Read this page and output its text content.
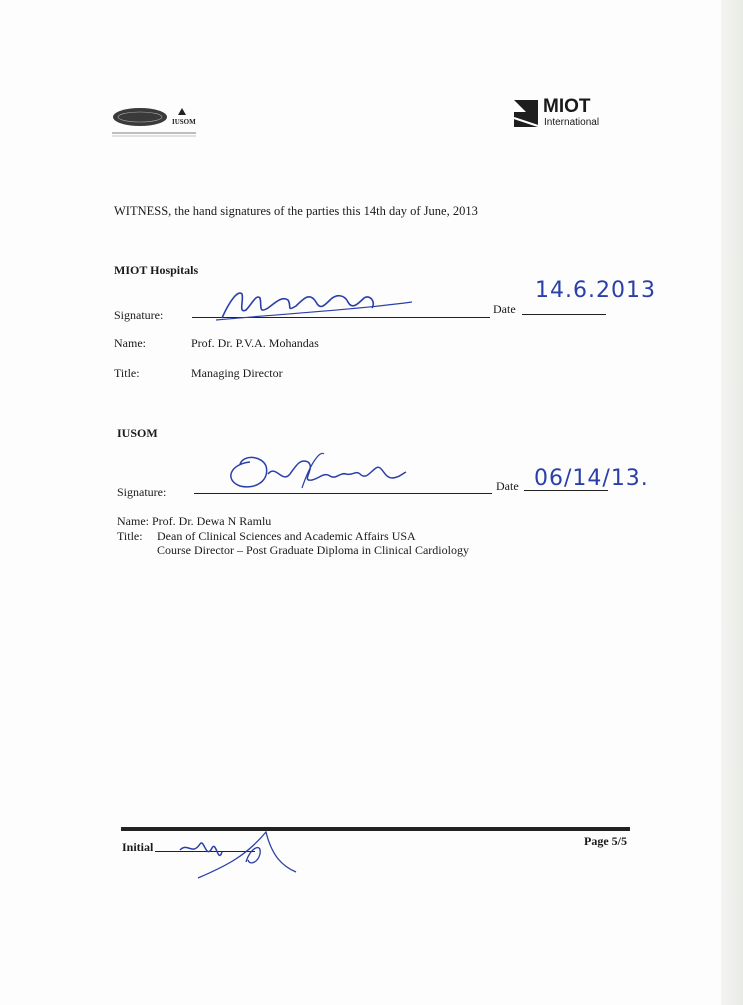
IUSOM
MIOT
International
WITNESS, the hand signatures of the parties this 14th day of June, 2013
MIOT Hospitals
Signature:	Date
14.6.2013
Name:	Prof. Dr. P.V.A. Mohandas
Title:	Managing Director
IUSOM
Signature:	Date 06/14/13.
Name: Prof. Dr. Dewa N Ramlu
Title: Dean of Clinical Sciences and Academic Affairs USA
Course Director – Post Graduate Diploma in Clinical Cardiology
Initial	Page 5/5
